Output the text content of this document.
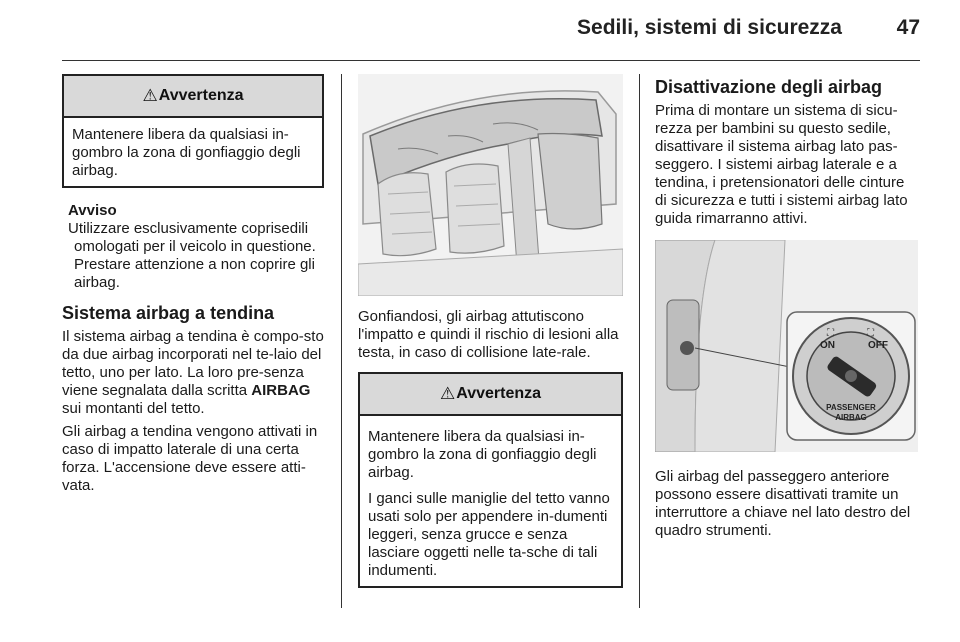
Sedili, sistemi di sicurezza	47
⚠ Avvertenza

Mantenere libera da qualsiasi in-gombro la zona di gonfiaggio degli airbag.

Avviso
Utilizzare esclusivamente coprisedili
omologati per il veicolo in questione.
Prestare attenzione a non coprire gli
airbag.
Sistema airbag a tendina

Il sistema airbag a tendina è compo-sto da due airbag incorporati nel te-laio del tetto, uno per lato. La loro pre-senza viene segnalata dalla scritta AIRBAG sui montanti del tetto.

Gli airbag a tendina vengono attivati in caso di impatto laterale di una certa forza. L'accensione deve essere atti-vata.

Gonfiandosi, gli airbag attutiscono l'impatto e quindi il rischio di lesioni alla testa, in caso di collisione late-rale.

⚠ Avvertenza

Mantenere libera da qualsiasi in-gombro la zona di gonfiaggio degli airbag.

I ganci sulle maniglie del tetto vanno usati solo per appendere in-dumenti leggeri, senza grucce e senza lasciare oggetti nelle ta-sche di tali indumenti.

Disattivazione degli airbag

Prima di montare un sistema di sicu-rezza per bambini su questo sedile, disattivare il sistema airbag lato pas-seggero. I sistemi airbag laterale e a tendina, i pretensionatori delle cinture di sicurezza e tutti i sistemi airbag lato guida rimarranno attivi.

ON	OFF
PASSENGER
AIRBAG
⛶	⛶

Gli airbag del passeggero anteriore possono essere disattivati tramite un interruttore a chiave nel lato destro del quadro strumenti.
